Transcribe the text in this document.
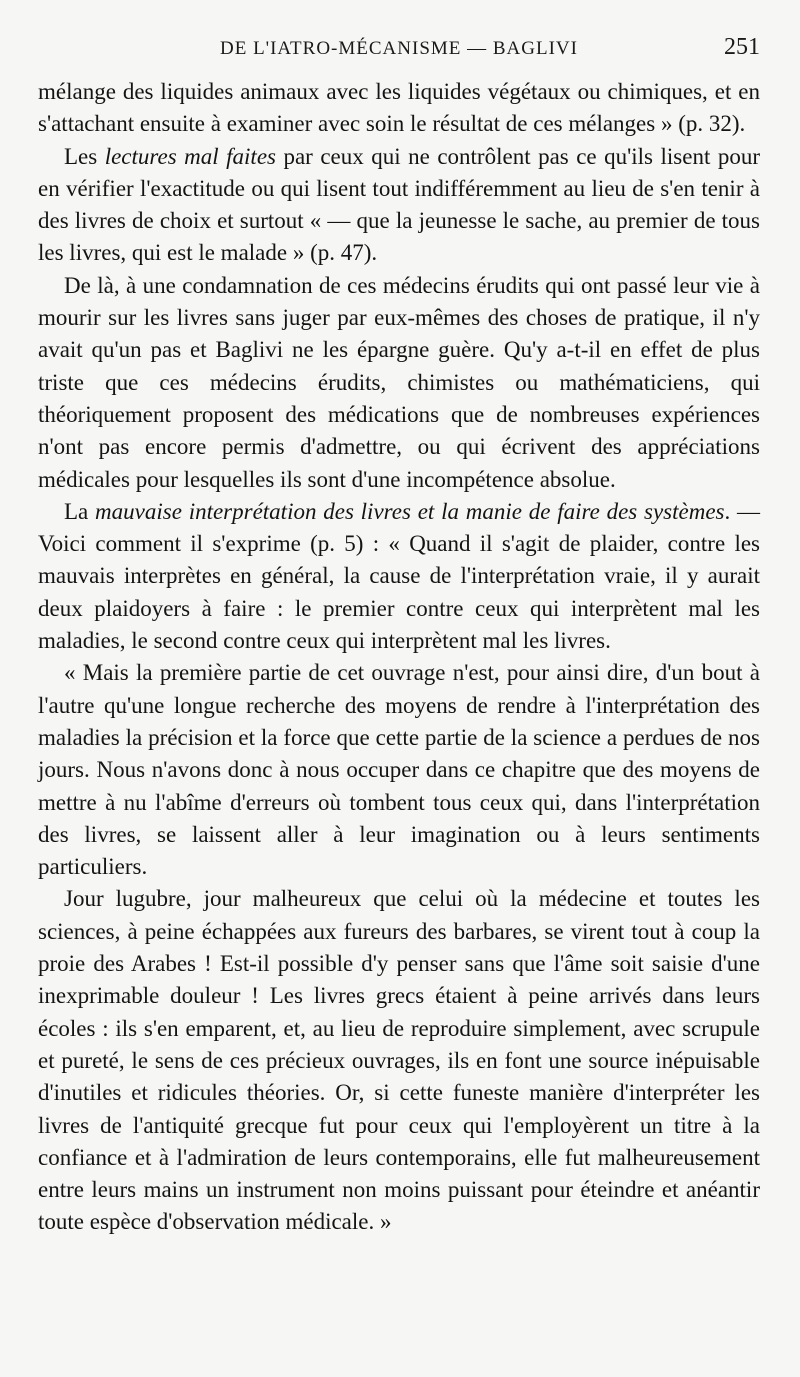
DE L'IATRO-MÉCANISME — BAGLIVI	251

mélange des liquides animaux avec les liquides végétaux ou chimiques, et en s'attachant ensuite à examiner avec soin le résultat de ces mélanges » (p. 32).

Les lectures mal faites par ceux qui ne contrôlent pas ce qu'ils lisent pour en vérifier l'exactitude ou qui lisent tout indifféremment au lieu de s'en tenir à des livres de choix et surtout « — que la jeunesse le sache, au premier de tous les livres, qui est le malade » (p. 47).

De là, à une condamnation de ces médecins érudits qui ont passé leur vie à mourir sur les livres sans juger par eux-mêmes des choses de pratique, il n'y avait qu'un pas et Baglivi ne les épargne guère. Qu'y a-t-il en effet de plus triste que ces médecins érudits, chimistes ou mathématiciens, qui théoriquement proposent des médications que de nombreuses expériences n'ont pas encore permis d'admettre, ou qui écrivent des appréciations médicales pour lesquelles ils sont d'une incompétence absolue.

La mauvaise interprétation des livres et la manie de faire des systèmes. — Voici comment il s'exprime (p. 5) : « Quand il s'agit de plaider, contre les mauvais interprètes en général, la cause de l'interprétation vraie, il y aurait deux plaidoyers à faire : le premier contre ceux qui interprètent mal les maladies, le second contre ceux qui interprètent mal les livres.

« Mais la première partie de cet ouvrage n'est, pour ainsi dire, d'un bout à l'autre qu'une longue recherche des moyens de rendre à l'interprétation des maladies la précision et la force que cette partie de la science a perdues de nos jours. Nous n'avons donc à nous occuper dans ce chapitre que des moyens de mettre à nu l'abîme d'erreurs où tombent tous ceux qui, dans l'interprétation des livres, se laissent aller à leur imagination ou à leurs sentiments particuliers.

Jour lugubre, jour malheureux que celui où la médecine et toutes les sciences, à peine échappées aux fureurs des barbares, se virent tout à coup la proie des Arabes ! Est-il possible d'y penser sans que l'âme soit saisie d'une inexprimable douleur ! Les livres grecs étaient à peine arrivés dans leurs écoles : ils s'en emparent, et, au lieu de reproduire simplement, avec scrupule et pureté, le sens de ces précieux ouvrages, ils en font une source inépuisable d'inutiles et ridicules théories. Or, si cette funeste manière d'interpréter les livres de l'antiquité grecque fut pour ceux qui l'employèrent un titre à la confiance et à l'admiration de leurs contemporains, elle fut malheureusement entre leurs mains un instrument non moins puissant pour éteindre et anéantir toute espèce d'observation médicale. »
